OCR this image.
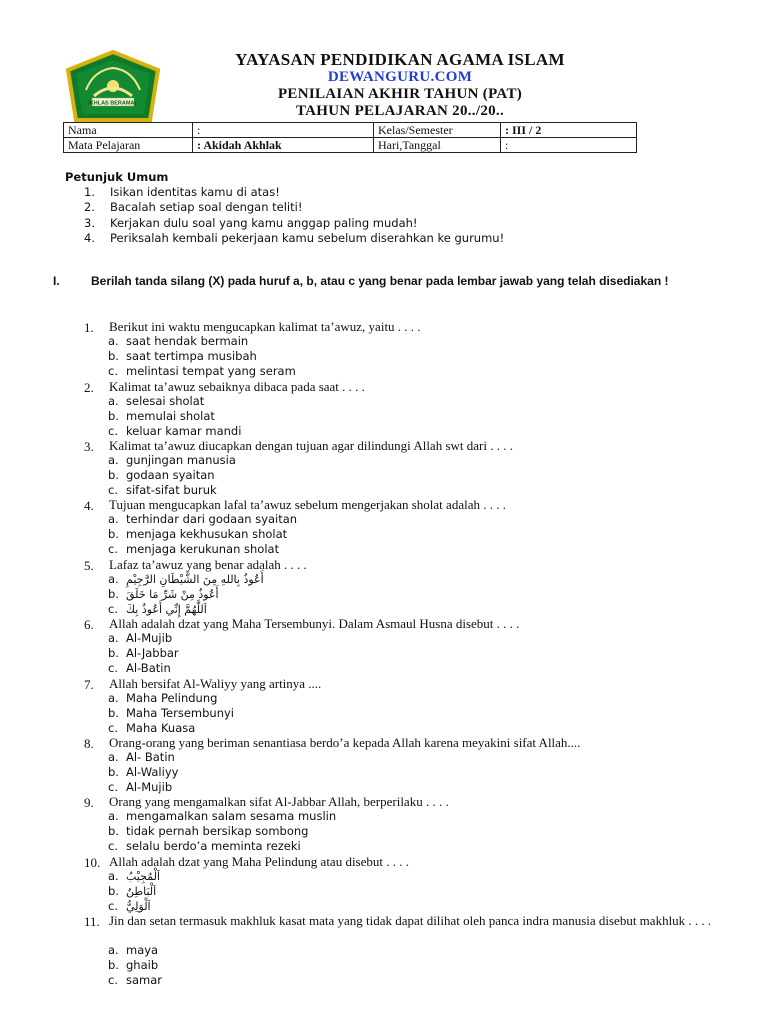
IKHLAS BERAMAL
YAYASAN PENDIDIKAN AGAMA ISLAM
DEWANGURU.COM
PENILAIAN AKHIR TAHUN (PAT)
TAHUN PELAJARAN 20../20..
Nama	:	Kelas/Semester	: III / 2
Mata Pelajaran	: Akidah Akhlak	Hari,Tanggal	:
Petunjuk Umum
1. Isikan identitas kamu di atas!
2. Bacalah setiap soal dengan teliti!
3. Kerjakan dulu soal yang kamu anggap paling mudah!
4. Periksalah kembali pekerjaan kamu sebelum diserahkan ke gurumu!
I.	Berilah tanda silang (X) pada huruf a, b, atau c yang benar pada lembar jawab yang telah disediakan !
1. Berikut ini waktu mengucapkan kalimat ta’awuz, yaitu . . . .
a. saat hendak bermain
b. saat tertimpa musibah
c. melintasi tempat yang seram
2. Kalimat ta’awuz sebaiknya dibaca pada saat . . . .
a. selesai sholat
b. memulai sholat
c. keluar kamar mandi
3. Kalimat ta’awuz diucapkan dengan tujuan agar dilindungi Allah swt dari . . . .
a. gunjingan manusia
b. godaan syaitan
c. sifat-sifat buruk
4. Tujuan mengucapkan lafal ta’awuz sebelum mengerjakan sholat adalah . . . .
a. terhindar dari godaan syaitan
b. menjaga kekhusukan sholat
c. menjaga kerukunan sholat
5. Lafaz ta’awuz yang benar adalah . . . .
a. أَعُوذُ بِاللهِ مِنَ الشَّيْطَانِ الرَّجِيْمِ
b. أَعُوذُ مِنْ شَرِّ مَا خَلَقَ
c. اَللَّهُمَّ إِنِّي أَعُوذُ بِكَ
6. Allah adalah dzat yang Maha Tersembunyi. Dalam Asmaul Husna disebut . . . .
a. Al-Mujib
b. Al-Jabbar
c. Al-Batin
7. Allah bersifat Al-Waliyy yang artinya ....
a. Maha Pelindung
b. Maha Tersembunyi
c. Maha Kuasa
8. Orang-orang yang beriman senantiasa berdo’a kepada Allah karena meyakini sifat Allah....
a. Al- Batin
b. Al-Waliyy
c. Al-Mujib
9. Orang yang mengamalkan sifat Al-Jabbar Allah, berperilaku . . . .
a. mengamalkan salam sesama muslin
b. tidak pernah bersikap sombong
c. selalu berdo’a meminta rezeki
10. Allah adalah dzat yang Maha Pelindung atau disebut . . . .
a. اَلْمُجِيْبُ
b. اَلْبَاطِنُ
c. اَلْوَلِيُّ
11. Jin dan setan termasuk makhluk kasat mata yang tidak dapat dilihat oleh panca indra manusia disebut makhluk . . . .
a. maya
b. ghaib
c. samar
